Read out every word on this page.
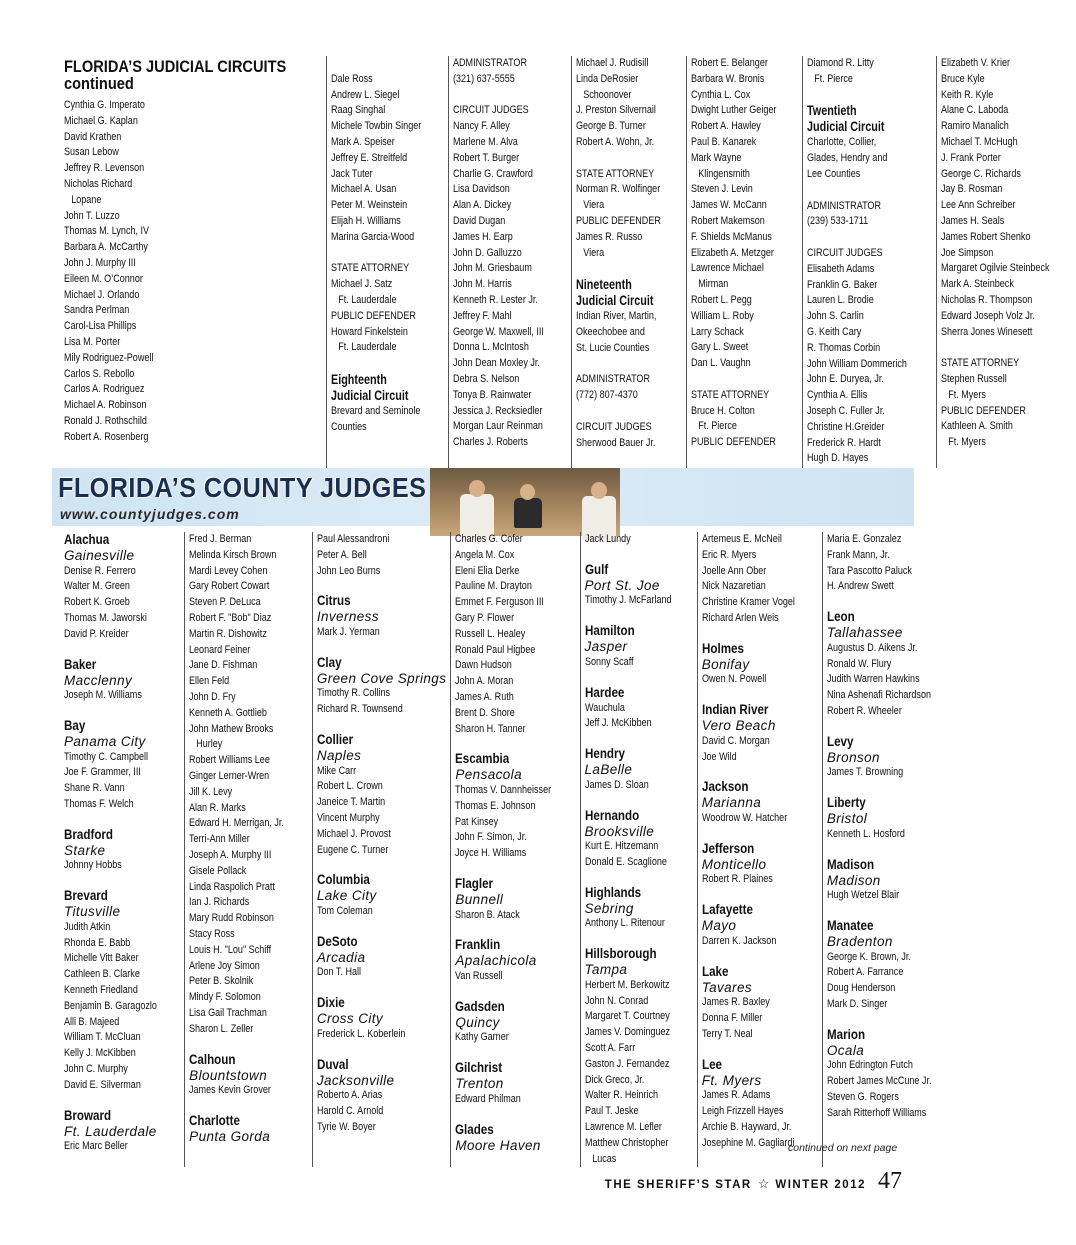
FLORIDA’S JUDICIAL CIRCUITS
continued
Cynthia G. Imperato
Michael G. Kaplan
David Krathen
Susan Lebow
Jeffrey R. Levenson
Nicholas Richard
Lopane
John T. Luzzo
Thomas M. Lynch, IV
Barbara A. McCarthy
John J. Murphy III
Eileen M. O’Connor
Michael J. Orlando
Sandra Perlman
Carol-Lisa Phillips
Lisa M. Porter
Mily Rodriguez-Powell
Carlos S. Rebollo
Carlos A. Rodriguez
Michael A. Robinson
Ronald J. Rothschild
Robert A. Rosenberg
Dale Ross
Andrew L. Siegel
Raag Singhal
Michele Towbin Singer
Mark A. Speiser
Jeffrey E. Streitfeld
Jack Tuter
Michael A. Usan
Peter M. Weinstein
Elijah H. Williams
Marina Garcia-Wood
STATE ATTORNEY
Michael J. Satz
Ft. Lauderdale
PUBLIC DEFENDER
Howard Finkelstein
Ft. Lauderdale
Eighteenth
Judicial Circuit
Brevard and Seminole
Counties
ADMINISTRATOR
(321) 637-5555
CIRCUIT JUDGES
Nancy F. Alley
Marlene M. Alva
Robert T. Burger
Charlie G. Crawford
Lisa Davidson
Alan A. Dickey
David Dugan
James H. Earp
John D. Galluzzo
John M. Griesbaum
John M. Harris
Kenneth R. Lester Jr.
Jeffrey F. Mahl
George W. Maxwell, III
Donna L. McIntosh
John Dean Moxley Jr.
Debra S. Nelson
Tonya B. Rainwater
Jessica J. Recksiedler
Morgan Laur Reinman
Charles J. Roberts
Michael J. Rudisill
Linda DeRosier
Schoonover
J. Preston Silvernail
George B. Turner
Robert A. Wohn, Jr.
STATE ATTORNEY
Norman R. Wolfinger
Viera
PUBLIC DEFENDER
James R. Russo
Viera
Nineteenth
Judicial Circuit
Indian River, Martin,
Okeechobee and
St. Lucie Counties
ADMINISTRATOR
(772) 807-4370
CIRCUIT JUDGES
Sherwood Bauer Jr.
Robert E. Belanger
Barbara W. Bronis
Cynthia L. Cox
Dwight Luther Geiger
Robert A. Hawley
Paul B. Kanarek
Mark Wayne
Klingensmith
Steven J. Levin
James W. McCann
Robert Makemson
F. Shields McManus
Elizabeth A. Metzger
Lawrence Michael
Mirman
Robert L. Pegg
William L. Roby
Larry Schack
Gary L. Sweet
Dan L. Vaughn
STATE ATTORNEY
Bruce H. Colton
Ft. Pierce
PUBLIC DEFENDER
Diamond R. Litty
Ft. Pierce
Twentieth
Judicial Circuit
Charlotte, Collier,
Glades, Hendry and
Lee Counties
ADMINISTRATOR
(239) 533-1711
CIRCUIT JUDGES
Elisabeth Adams
Franklin G. Baker
Lauren L. Brodie
John S. Carlin
G. Keith Cary
R. Thomas Corbin
John William Dommerich
John E. Duryea, Jr.
Cynthia A. Ellis
Joseph C. Fuller Jr.
Christine H.Greider
Frederick R. Hardt
Hugh D. Hayes
Elizabeth V. Krier
Bruce Kyle
Keith R. Kyle
Alane C. Laboda
Ramiro Manalich
Michael T. McHugh
J. Frank Porter
George C. Richards
Jay B. Rosman
Lee Ann Schreiber
James H. Seals
James Robert Shenko
Joe Simpson
Margaret Ogilvie Steinbeck
Mark A. Steinbeck
Nicholas R. Thompson
Edward Joseph Volz Jr.
Sherra Jones Winesett
STATE ATTORNEY
Stephen Russell
Ft. Myers
PUBLIC DEFENDER
Kathleen A. Smith
Ft. Myers
FLORIDA’S COUNTY JUDGES
www.countyjudges.com
Alachua
Gainesville
Denise R. Ferrero
Walter M. Green
Robert K. Groeb
Thomas M. Jaworski
David P. Kreider
Baker
Macclenny
Joseph M. Williams
Bay
Panama City
Timothy C. Campbell
Joe F. Grammer, III
Shane R. Vann
Thomas F. Welch
Bradford
Starke
Johnny Hobbs
Brevard
Titusville
Judith Atkin
Rhonda E. Babb
Michelle Vitt Baker
Cathleen B. Clarke
Kenneth Friedland
Benjamin B. Garagozlo
Alli B. Majeed
William T. McCluan
Kelly J. McKibben
John C. Murphy
David E. Silverman
Broward
Ft. Lauderdale
Eric Marc Beller
Fred J. Berman
Melinda Kirsch Brown
Mardi Levey Cohen
Gary Robert Cowart
Steven P. DeLuca
Robert F. "Bob" Diaz
Martin R. Dishowitz
Leonard Feiner
Jane D. Fishman
Ellen Feld
John D. Fry
Kenneth A. Gottlieb
John Mathew Brooks
Hurley
Robert Williams Lee
Ginger Lerner-Wren
Jill K. Levy
Alan R. Marks
Edward H. Merrigan, Jr.
Terri-Ann Miller
Joseph A. Murphy III
Gisele Pollack
Linda Raspolich Pratt
Ian J. Richards
Mary Rudd Robinson
Stacy Ross
Louis H. "Lou" Schiff
Arlene Joy Simon
Peter B. Skolnik
Mindy F. Solomon
Lisa Gail Trachman
Sharon L. Zeller
Calhoun
Blountstown
James Kevin Grover
Charlotte
Punta Gorda
Paul Alessandroni
Peter A. Bell
John Leo Burns
Citrus
Inverness
Mark J. Yerman
Clay
Green Cove Springs
Timothy R. Collins
Richard R. Townsend
Collier
Naples
Mike Carr
Robert L. Crown
Janeice T. Martin
Vincent Murphy
Michael J. Provost
Eugene C. Turner
Columbia
Lake City
Tom Coleman
DeSoto
Arcadia
Don T. Hall
Dixie
Cross City
Frederick L. Koberlein
Duval
Jacksonville
Roberto A. Arias
Harold C. Arnold
Tyrie W. Boyer
Charles G. Cofer
Angela M. Cox
Eleni Elia Derke
Pauline M. Drayton
Emmet F. Ferguson III
Gary P. Flower
Russell L. Healey
Ronald Paul Higbee
Dawn Hudson
John A. Moran
James A. Ruth
Brent D. Shore
Sharon H. Tanner
Escambia
Pensacola
Thomas V. Dannheisser
Thomas E. Johnson
Pat Kinsey
John F. Simon, Jr.
Joyce H. Williams
Flagler
Bunnell
Sharon B. Atack
Franklin
Apalachicola
Van Russell
Gadsden
Quincy
Kathy Garner
Gilchrist
Trenton
Edward Philman
Glades
Moore Haven
Jack Lundy
Gulf
Port St. Joe
Timothy J. McFarland
Hamilton
Jasper
Sonny Scaff
Hardee
Wauchula
Jeff J. McKibben
Hendry
LaBelle
James D. Sloan
Hernando
Brooksville
Kurt E. Hitzemann
Donald E. Scaglione
Highlands
Sebring
Anthony L. Ritenour
Hillsborough
Tampa
Herbert M. Berkowitz
John N. Conrad
Margaret T. Courtney
James V. Dominguez
Scott A. Farr
Gaston J. Fernandez
Dick Greco, Jr.
Walter R. Heinrich
Paul T. Jeske
Lawrence M. Lefler
Matthew Christopher
Lucas
Artemeus E. McNeil
Eric R. Myers
Joelle Ann Ober
Nick Nazaretian
Christine Kramer Vogel
Richard Arlen Weis
Holmes
Bonifay
Owen N. Powell
Indian River
Vero Beach
David C. Morgan
Joe Wild
Jackson
Marianna
Woodrow W. Hatcher
Jefferson
Monticello
Robert R. Plaines
Lafayette
Mayo
Darren K. Jackson
Lake
Tavares
James R. Baxley
Donna F. Miller
Terry T. Neal
Lee
Ft. Myers
James R. Adams
Leigh Frizzell Hayes
Archie B. Hayward, Jr.
Josephine M. Gagliardi
Maria E. Gonzalez
Frank Mann, Jr.
Tara Pascotto Paluck
H. Andrew Swett
Leon
Tallahassee
Augustus D. Aikens Jr.
Ronald W. Flury
Judith Warren Hawkins
Nina Ashenafi Richardson
Robert R. Wheeler
Levy
Bronson
James T. Browning
Liberty
Bristol
Kenneth L. Hosford
Madison
Madison
Hugh Wetzel Blair
Manatee
Bradenton
George K. Brown, Jr.
Robert A. Farrance
Doug Henderson
Mark D. Singer
Marion
Ocala
John Edrington Futch
Robert James McCune Jr.
Steven G. Rogers
Sarah Ritterhoff Williams
continued on next page
THE SHERIFF’S STAR ☆ WINTER 2012 47
